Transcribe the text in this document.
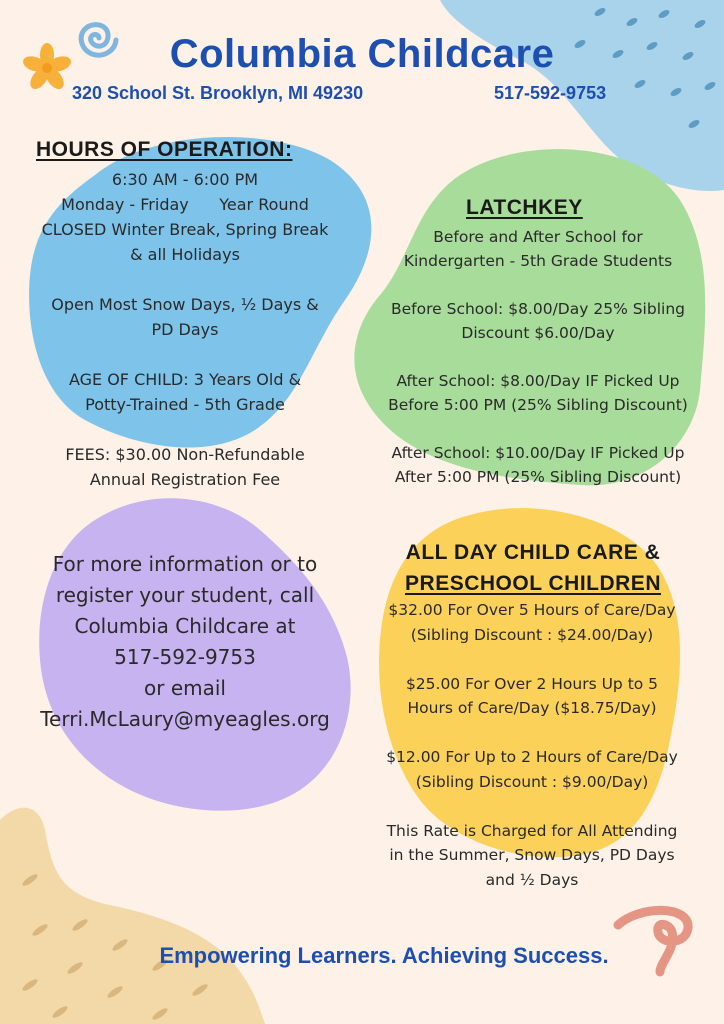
Columbia Childcare
320 School St. Brooklyn, MI 49230	517-592-9753
HOURS OF OPERATION:

6:30 AM - 6:00 PM

Monday - Friday      Year Round

CLOSED Winter Break, Spring Break

& all Holidays

Open Most Snow Days, ½ Days &

PD Days

AGE OF CHILD: 3 Years Old &

Potty-Trained - 5th Grade

FEES: $30.00 Non-Refundable

Annual Registration Fee

LATCHKEY

Before and After School for

Kindergarten - 5th Grade Students

Before School: $8.00/Day 25% Sibling

Discount $6.00/Day

After School: $8.00/Day IF Picked Up

Before 5:00 PM (25% Sibling Discount)

After School: $10.00/Day IF Picked Up

After 5:00 PM (25% Sibling Discount)

For more information or to

register your student, call

Columbia Childcare at

517-592-9753

or email

Terri.McLaury@myeagles.org

ALL DAY CHILD CARE &
PRESCHOOL CHILDREN

$32.00 For Over 5 Hours of Care/Day

(Sibling Discount : $24.00/Day)

$25.00 For Over 2 Hours Up to 5

Hours of Care/Day ($18.75/Day)

$12.00 For Up to 2 Hours of Care/Day

(Sibling Discount : $9.00/Day)

This Rate is Charged for All Attending

in the Summer, Snow Days, PD Days

and ½ Days

Empowering Learners. Achieving Success.
